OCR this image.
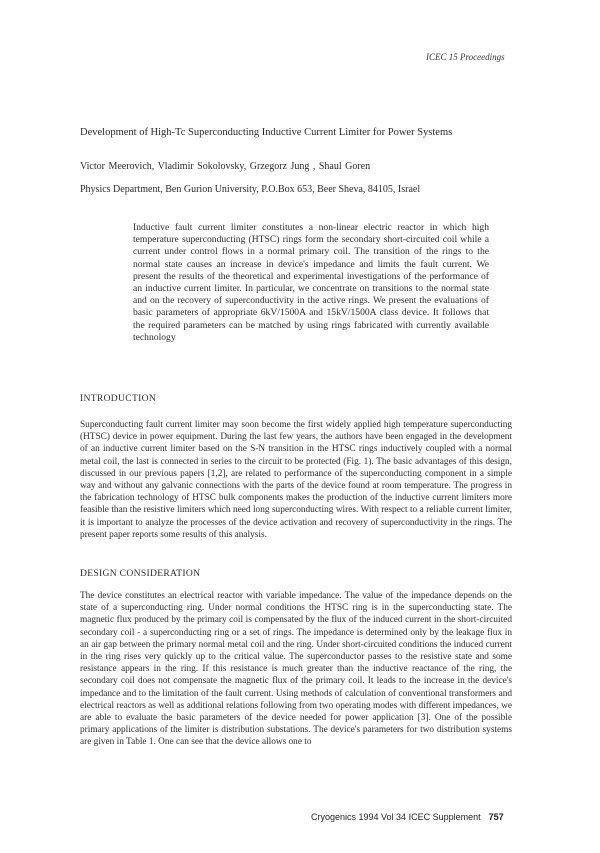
ICEC 15 Proceedings
Development of High-Tc Superconducting Inductive Current Limiter for Power Systems
Victor Meerovich, Vladimir Sokolovsky, Grzegorz Jung , Shaul Goren
Physics Department, Ben Gurion University, P.O.Box 653, Beer Sheva, 84105, Israel
Inductive fault current limiter constitutes a non-linear electric reactor in which high temperature superconducting (HTSC) rings form the secondary short-circuited coil while a current under control flows in a normal primary coil. The transition of the rings to the normal state causes an increase in device's impedance and limits the fault current. We present the results of the theoretical and experimental investigations of the performance of an inductive current limiter. In particular, we concentrate on transitions to the normal state and on the recovery of superconductivity in the active rings. We present the evaluations of basic parameters of appropriate 6kV/1500A and 15kV/1500A class device. It follows that the required parameters can be matched by using rings fabricated with currently available technology
INTRODUCTION
Superconducting fault current limiter may soon become the first widely applied high temperature superconducting (HTSC) device in power equipment. During the last few years, the authors have been engaged in the development of an inductive current limiter based on the S-N transition in the HTSC rings inductively coupled with a normal metal coil, the last is connected in series to the circuit to be protected (Fig. 1). The basic advantages of this design, discussed in our previous papers [1,2], are related to performance of the superconducting component in a simple way and without any galvanic connections with the parts of the device found at room temperature. The progress in the fabrication technology of HTSC bulk components makes the production of the inductive current limiters more feasible than the resistive limiters which need long superconducting wires. With respect to a reliable current limiter, it is important to analyze the processes of the device activation and recovery of superconductivity in the rings. The present paper reports some results of this analysis.
DESIGN CONSIDERATION
The device constitutes an electrical reactor with variable impedance. The value of the impedance depends on the state of a superconducting ring. Under normal conditions the HTSC ring is in the superconducting state. The magnetic flux produced by the primary coil is compensated by the flux of the induced current in the short-circuited secondary coil - a superconducting ring or a set of rings. The impedance is determined only by the leakage flux in an air gap between the primary normal metal coil and the ring. Under short-circuited conditions the induced current in the ring rises very quickly up to the critical value. The superconductor passes to the resistive state and some resistance appears in the ring. If this resistance is much greater than the inductive reactance of the ring, the secondary coil does not compensate the magnetic flux of the primary coil. It leads to the increase in the device's impedance and to the limitation of the fault current. Using methods of calculation of conventional transformers and electrical reactors as well as additional relations following from two operating modes with different impedances, we are able to evaluate the basic parameters of the device needed for power application [3]. One of the possible primary applications of the limiter is distribution substations. The device's parameters for two distribution systems are given in Table 1. One can see that the device allows one to
Cryogenics 1994 Vol 34 ICEC Supplement 757
